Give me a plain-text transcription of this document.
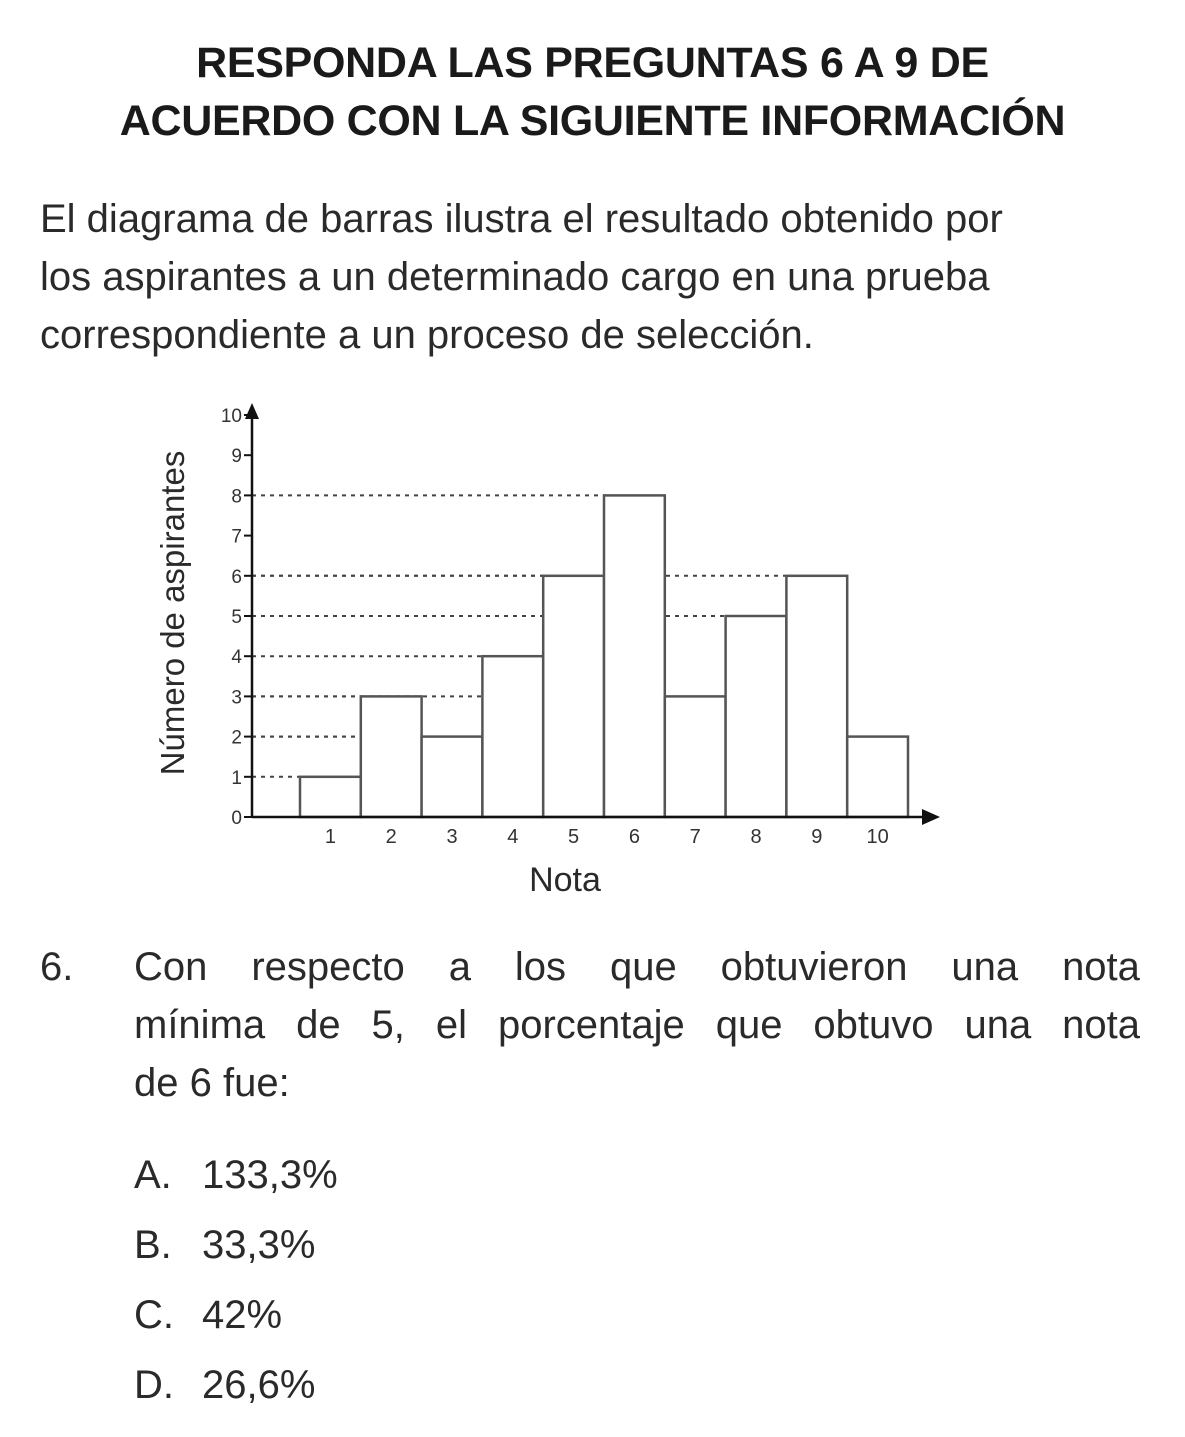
RESPONDA LAS PREGUNTAS 6 A 9 DE
ACUERDO CON LA SIGUIENTE INFORMACIÓN
El diagrama de barras ilustra el resultado obtenido por
los aspirantes a un determinado cargo en una prueba
correspondiente a un proceso de selección.
0
1
2
3
4
5
6
7
8
9
10
1 2 3 4 5 6 7 8 9 10
Nota
Número de aspirantes
6. Con respecto a los que obtuvieron una nota
mínima de 5, el porcentaje que obtuvo una nota
de 6 fue:
A. 133,3%
B. 33,3%
C. 42%
D. 26,6%
